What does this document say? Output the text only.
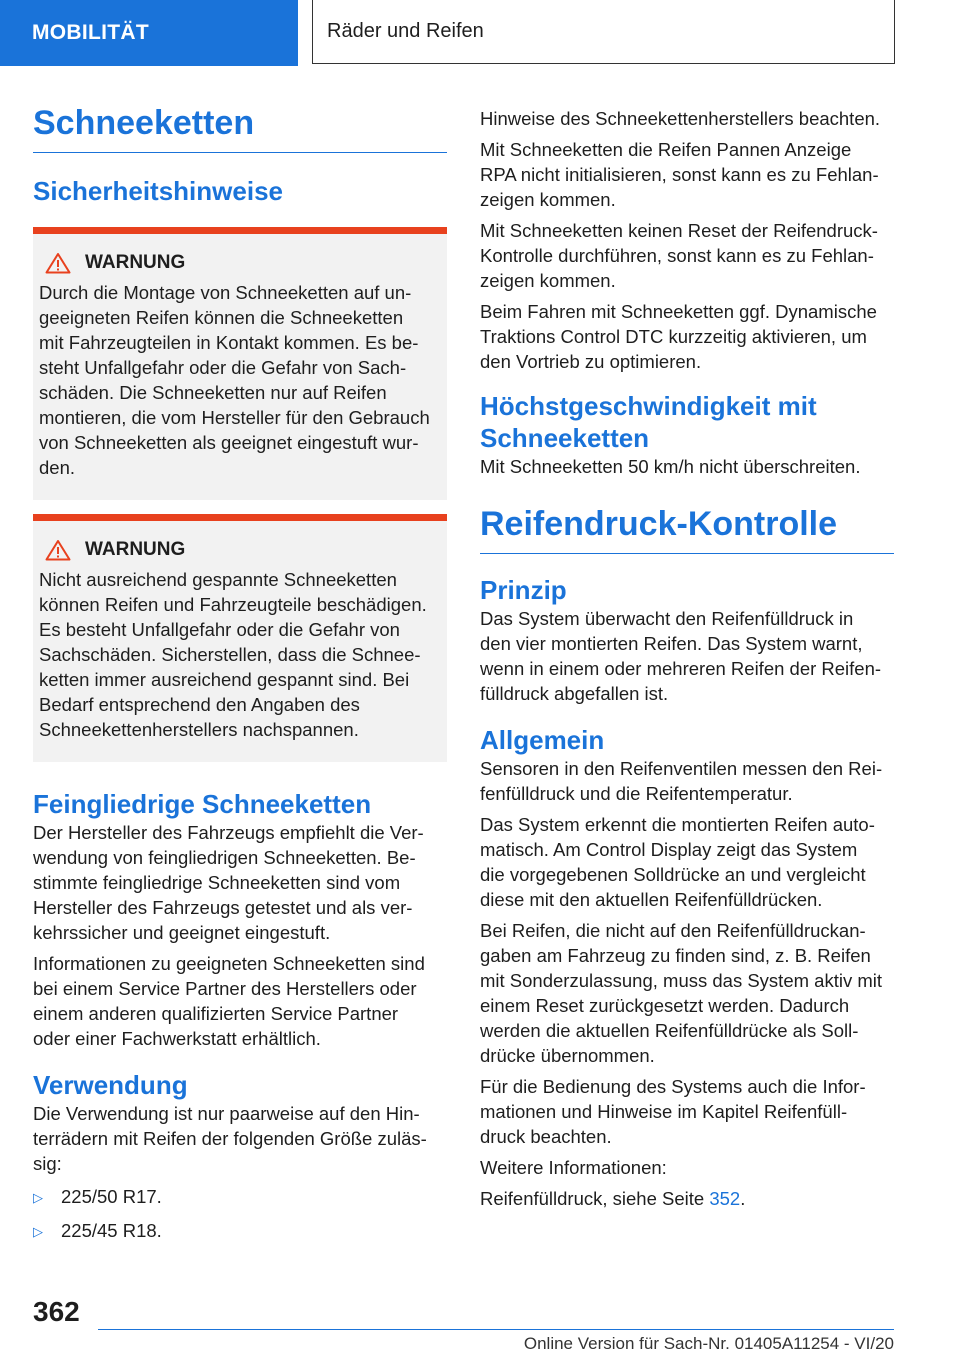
MOBILITÄT	Räder und Reifen
Schneeketten
Sicherheitshinweise
WARNUNG

Durch die Montage von Schneeketten auf un-
geeigneten Reifen können die Schneeketten
mit Fahrzeugteilen in Kontakt kommen. Es be-
steht Unfallgefahr oder die Gefahr von Sach-
schäden. Die Schneeketten nur auf Reifen
montieren, die vom Hersteller für den Gebrauch
von Schneeketten als geeignet eingestuft wur-
den.

WARNUNG

Nicht ausreichend gespannte Schneeketten
können Reifen und Fahrzeugteile beschädigen.
Es besteht Unfallgefahr oder die Gefahr von
Sachschäden. Sicherstellen, dass die Schnee-
ketten immer ausreichend gespannt sind. Bei
Bedarf entsprechend den Angaben des
Schneekettenherstellers nachspannen.

Feingliedrige Schneeketten

Der Hersteller des Fahrzeugs empfiehlt die Ver-
wendung von feingliedrigen Schneeketten. Be-
stimmte feingliedrige Schneeketten sind vom
Hersteller des Fahrzeugs getestet und als ver-
kehrssicher und geeignet eingestuft.

Informationen zu geeigneten Schneeketten sind
bei einem Service Partner des Herstellers oder
einem anderen qualifizierten Service Partner
oder einer Fachwerkstatt erhältlich.

Verwendung

Die Verwendung ist nur paarweise auf den Hin-
terrädern mit Reifen der folgenden Größe zuläs-
sig:

▷ 225/50 R17.
▷ 225/45 R18.

Hinweise des Schneekettenherstellers beachten.

Mit Schneeketten die Reifen Pannen Anzeige
RPA nicht initialisieren, sonst kann es zu Fehlan-
zeigen kommen.

Mit Schneeketten keinen Reset der Reifendruck-
Kontrolle durchführen, sonst kann es zu Fehlan-
zeigen kommen.

Beim Fahren mit Schneeketten ggf. Dynamische
Traktions Control DTC kurzzeitig aktivieren, um
den Vortrieb zu optimieren.

Höchstgeschwindigkeit mit
Schneeketten

Mit Schneeketten 50 km/h nicht überschreiten.

Reifendruck-Kontrolle
Prinzip

Das System überwacht den Reifenfülldruck in
den vier montierten Reifen. Das System warnt,
wenn in einem oder mehreren Reifen der Reifen-
fülldruck abgefallen ist.

Allgemein

Sensoren in den Reifenventilen messen den Rei-
fenfülldruck und die Reifentemperatur.

Das System erkennt die montierten Reifen auto-
matisch. Am Control Display zeigt das System
die vorgegebenen Solldrücke an und vergleicht
diese mit den aktuellen Reifenfülldrücken.

Bei Reifen, die nicht auf den Reifenfülldruckan-
gaben am Fahrzeug zu finden sind, z. B. Reifen
mit Sonderzulassung, muss das System aktiv mit
einem Reset zurückgesetzt werden. Dadurch
werden die aktuellen Reifenfülldrücke als Soll-
drücke übernommen.

Für die Bedienung des Systems auch die Infor-
mationen und Hinweise im Kapitel Reifenfüll-
druck beachten.

Weitere Informationen:

Reifenfülldruck, siehe Seite 352.

362
Online Version für Sach-Nr. 01405A11254 - VI/20
